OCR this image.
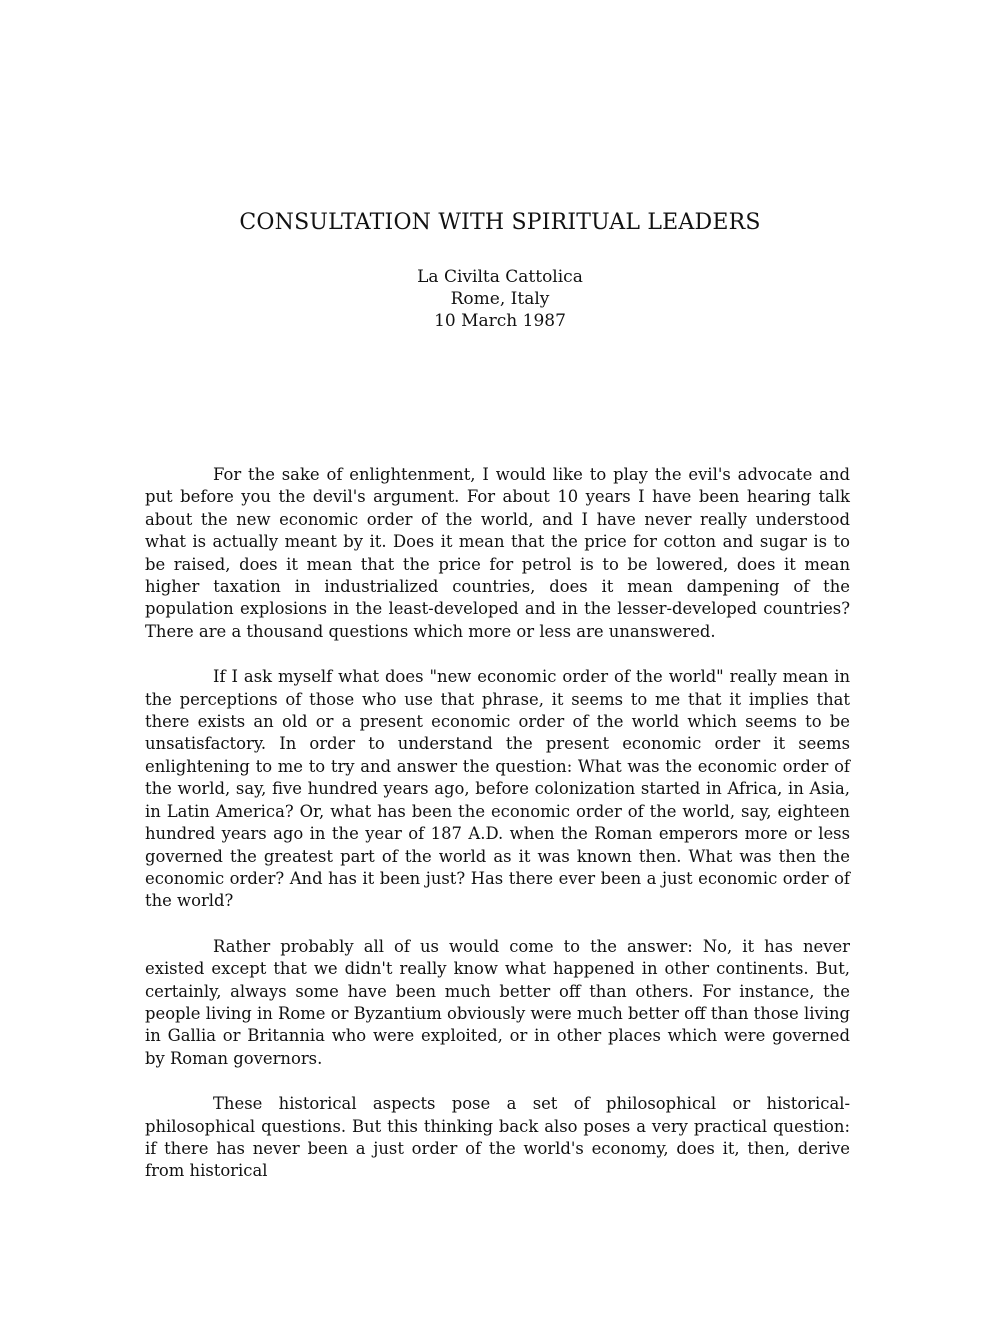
CONSULTATION WITH SPIRITUAL LEADERS
La Civilta Cattolica
Rome, Italy
10 March 1987

For the sake of enlightenment, I would like to play the evil's advocate and put before you the devil's argument. For about 10 years I have been hearing talk about the new economic order of the world, and I have never really understood what is actually meant by it. Does it mean that the price for cotton and sugar is to be raised, does it mean that the price for petrol is to be lowered, does it mean higher taxation in industrialized countries, does it mean dampening of the population explosions in the least-developed and in the lesser-developed countries? There are a thousand questions which more or less are unanswered.

If I ask myself what does "new economic order of the world" really mean in the perceptions of those who use that phrase, it seems to me that it implies that there exists an old or a present economic order of the world which seems to be unsatisfactory. In order to understand the present economic order it seems enlightening to me to try and answer the question: What was the economic order of the world, say, five hundred years ago, before colonization started in Africa, in Asia, in Latin America? Or, what has been the economic order of the world, say, eighteen hundred years ago in the year of 187 A.D. when the Roman emperors more or less governed the greatest part of the world as it was known then. What was then the economic order? And has it been just? Has there ever been a just economic order of the world?

Rather probably all of us would come to the answer: No, it has never existed except that we didn't really know what happened in other continents. But, certainly, always some have been much better off than others. For instance, the people living in Rome or Byzantium obviously were much better off than those living in Gallia or Britannia who were exploited, or in other places which were governed by Roman governors.

These historical aspects pose a set of philosophical or historical-philosophical questions. But this thinking back also poses a very practical question: if there has never been a just order of the world's economy, does it, then, derive from historical
